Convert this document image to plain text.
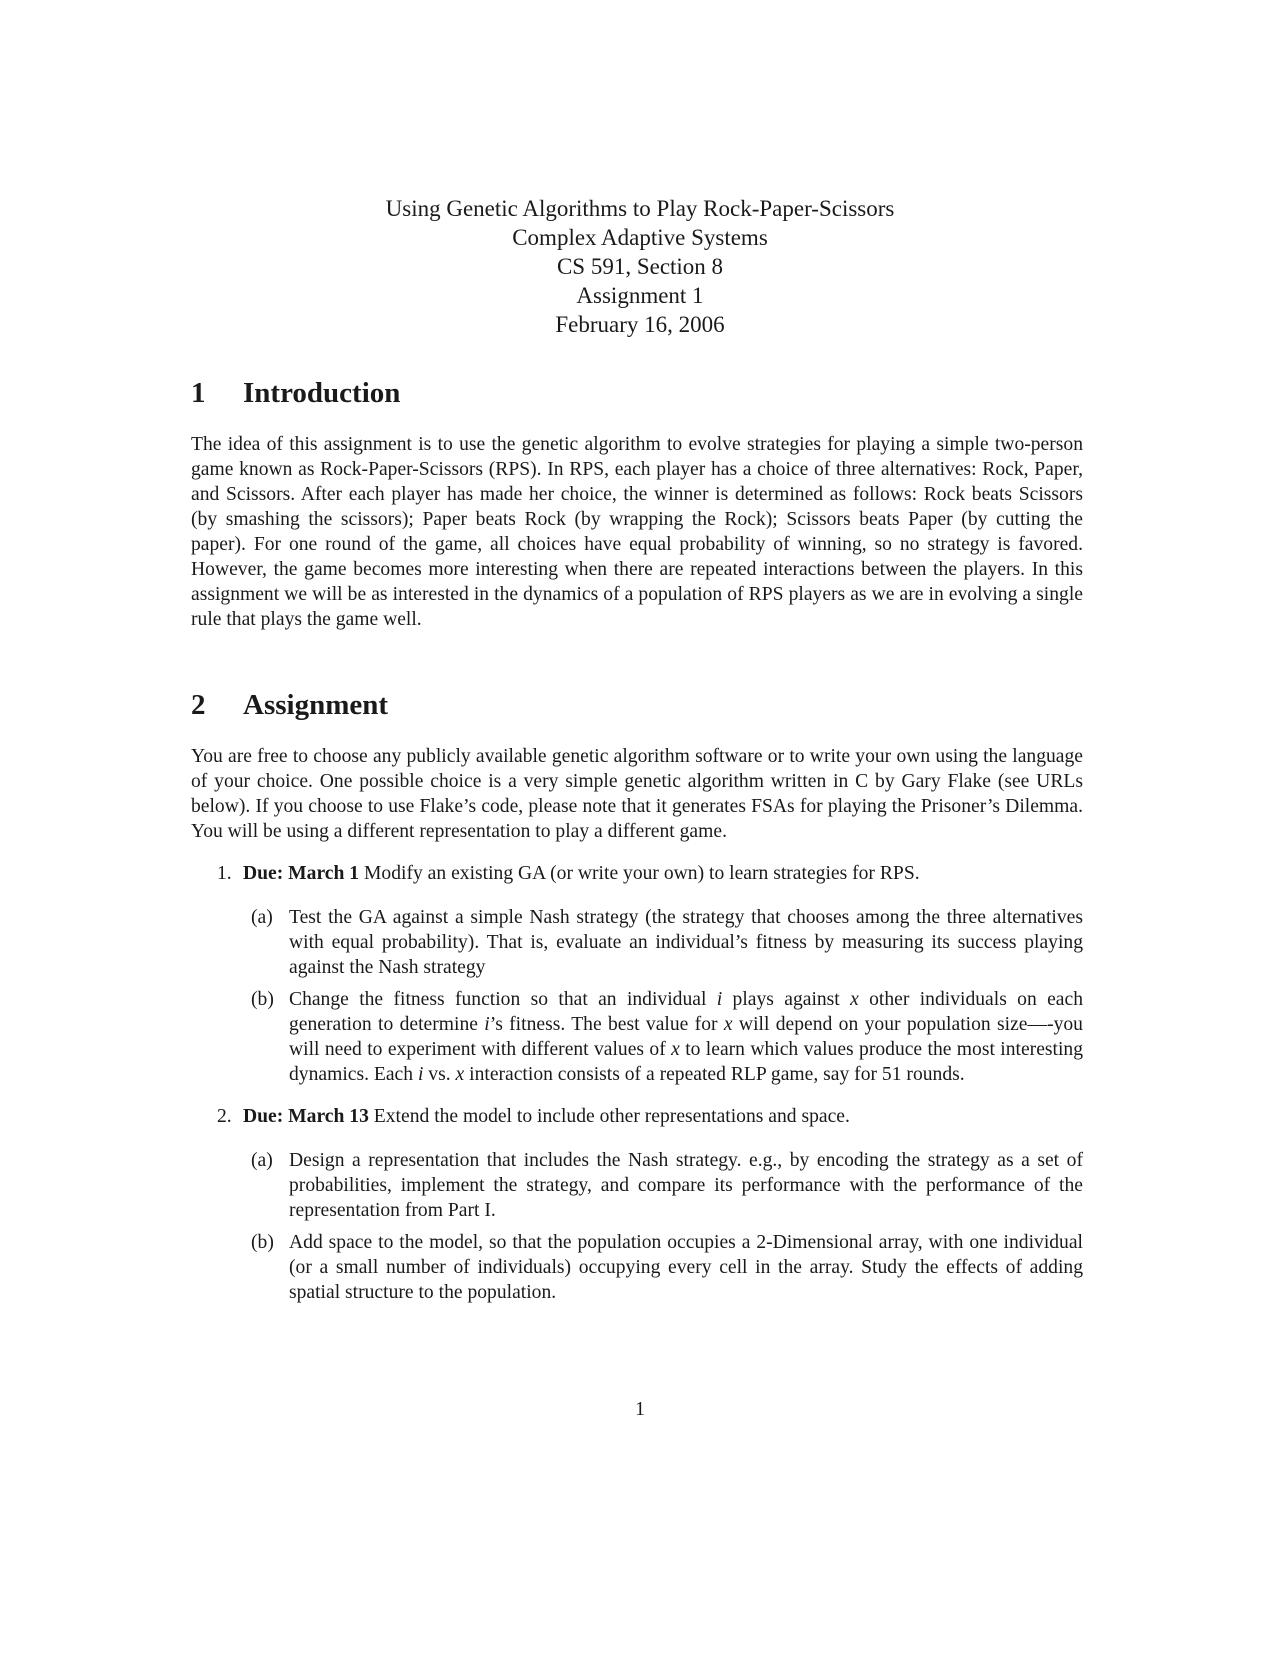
Using Genetic Algorithms to Play Rock-Paper-Scissors
Complex Adaptive Systems
CS 591, Section 8
Assignment 1
February 16, 2006
1 Introduction

The idea of this assignment is to use the genetic algorithm to evolve strategies for playing a simple two-person game known as Rock-Paper-Scissors (RPS). In RPS, each player has a choice of three alternatives: Rock, Paper, and Scissors. After each player has made her choice, the winner is determined as follows: Rock beats Scissors (by smashing the scissors); Paper beats Rock (by wrapping the Rock); Scissors beats Paper (by cutting the paper). For one round of the game, all choices have equal probability of winning, so no strategy is favored. However, the game becomes more interesting when there are repeated interactions between the players. In this assignment we will be as interested in the dynamics of a population of RPS players as we are in evolving a single rule that plays the game well.

2 Assignment

You are free to choose any publicly available genetic algorithm software or to write your own using the language of your choice. One possible choice is a very simple genetic algorithm written in C by Gary Flake (see URLs below). If you choose to use Flake’s code, please note that it generates FSAs for playing the Prisoner’s Dilemma. You will be using a different representation to play a different game.

1. Due: March 1 Modify an existing GA (or write your own) to learn strategies for RPS.

(a) Test the GA against a simple Nash strategy (the strategy that chooses among the three alternatives with equal probability). That is, evaluate an individual’s fitness by measuring its success playing against the Nash strategy

(b) Change the fitness function so that an individual i plays against x other individuals on each generation to determine i’s fitness. The best value for x will depend on your population size—-you will need to experiment with different values of x to learn which values produce the most interesting dynamics. Each i vs. x interaction consists of a repeated RLP game, say for 51 rounds.

2. Due: March 13 Extend the model to include other representations and space.

(a) Design a representation that includes the Nash strategy. e.g., by encoding the strategy as a set of probabilities, implement the strategy, and compare its performance with the performance of the representation from Part I.

(b) Add space to the model, so that the population occupies a 2-Dimensional array, with one individual (or a small number of individuals) occupying every cell in the array. Study the effects of adding spatial structure to the population.

1
